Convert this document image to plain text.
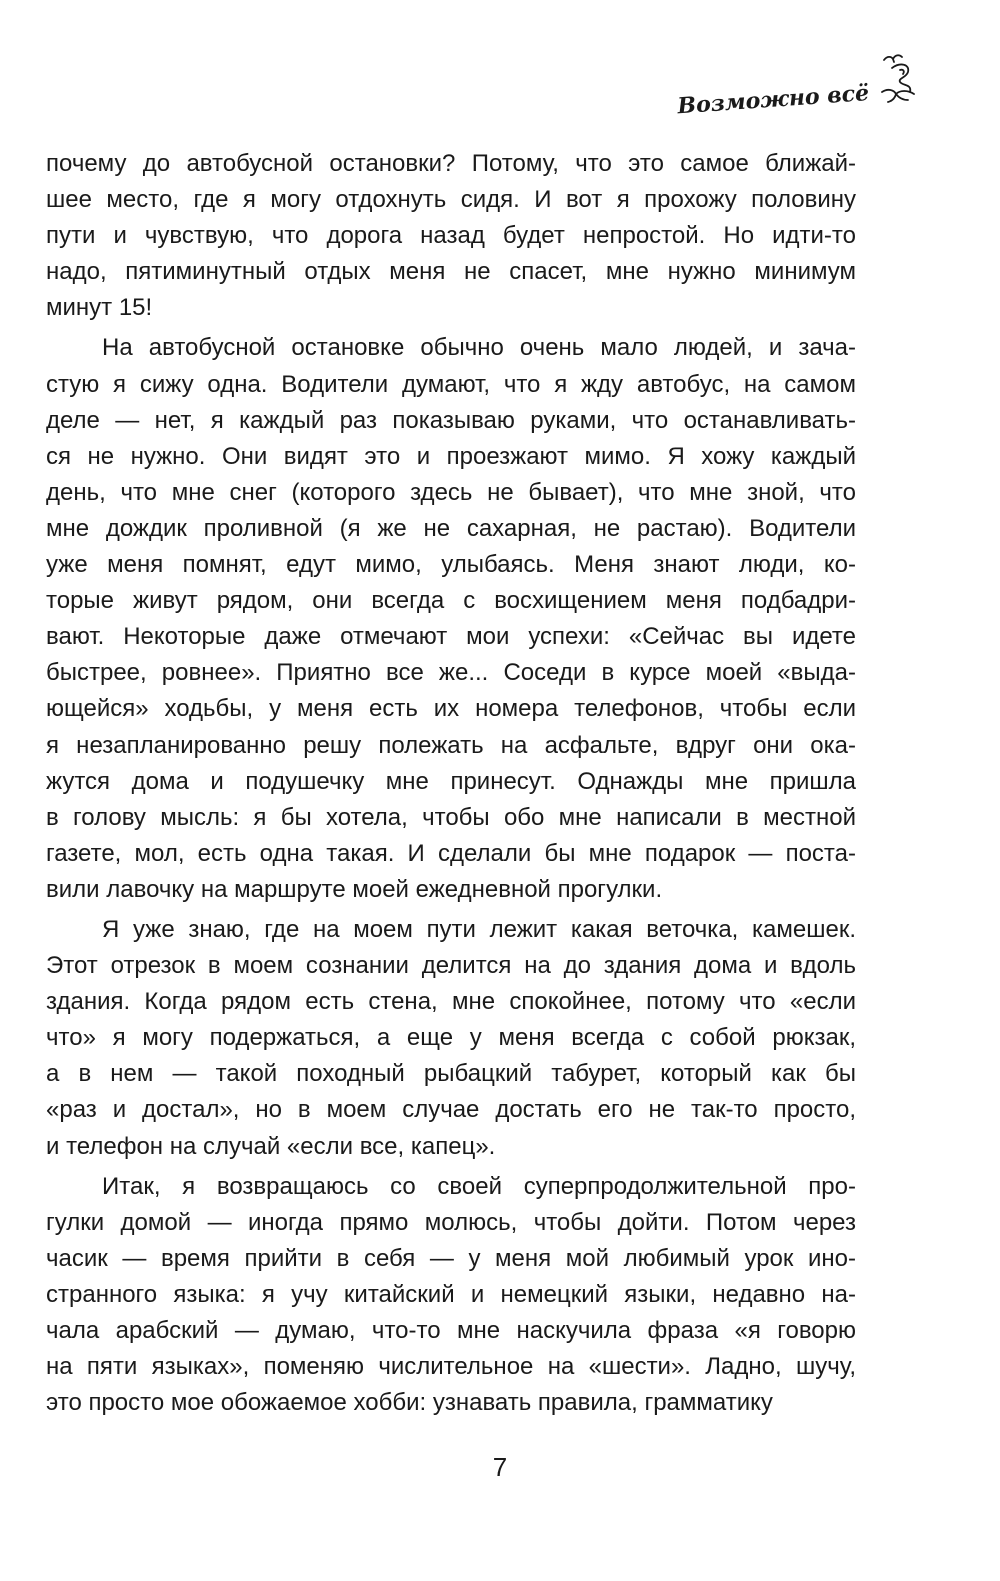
Возможно всё

почему до автобусной остановки? Потому, что это самое ближай-
шее место, где я могу отдохнуть сидя. И вот я прохожу половину
пути и чувствую, что дорога назад будет непростой. Но идти-то
надо, пятиминутный отдых меня не спасет, мне нужно минимум
минут 15!

На автобусной остановке обычно очень мало людей, и зача-
стую я сижу одна. Водители думают, что я жду автобус, на самом
деле — нет, я каждый раз показываю руками, что останавливать-
ся не нужно. Они видят это и проезжают мимо. Я хожу каждый
день, что мне снег (которого здесь не бывает), что мне зной, что
мне дождик проливной (я же не сахарная, не растаю). Водители
уже меня помнят, едут мимо, улыбаясь. Меня знают люди, ко-
торые живут рядом, они всегда с восхищением меня подбадри-
вают. Некоторые даже отмечают мои успехи: «Сейчас вы идете
быстрее, ровнее». Приятно все же... Соседи в курсе моей «выда-
ющейся» ходьбы, у меня есть их номера телефонов, чтобы если
я незапланированно решу полежать на асфальте, вдруг они ока-
жутся дома и подушечку мне принесут. Однажды мне пришла
в голову мысль: я бы хотела, чтобы обо мне написали в местной
газете, мол, есть одна такая. И сделали бы мне подарок — поста-
вили лавочку на маршруте моей ежедневной прогулки.

Я уже знаю, где на моем пути лежит какая веточка, камешек.
Этот отрезок в моем сознании делится на до здания дома и вдоль
здания. Когда рядом есть стена, мне спокойнее, потому что «если
что» я могу подержаться, а еще у меня всегда с собой рюкзак,
а в нем — такой походный рыбацкий табурет, который как бы
«раз и достал», но в моем случае достать его не так-то просто,
и телефон на случай «если все, капец».

Итак, я возвращаюсь со своей суперпродолжительной про-
гулки домой — иногда прямо молюсь, чтобы дойти. Потом через
часик — время прийти в себя — у меня мой любимый урок ино-
странного языка: я учу китайский и немецкий языки, недавно на-
чала арабский — думаю, что-то мне наскучила фраза «я говорю
на пяти языках», поменяю числительное на «шести». Ладно, шучу,
это просто мое обожаемое хобби: узнавать правила, грамматику

7
